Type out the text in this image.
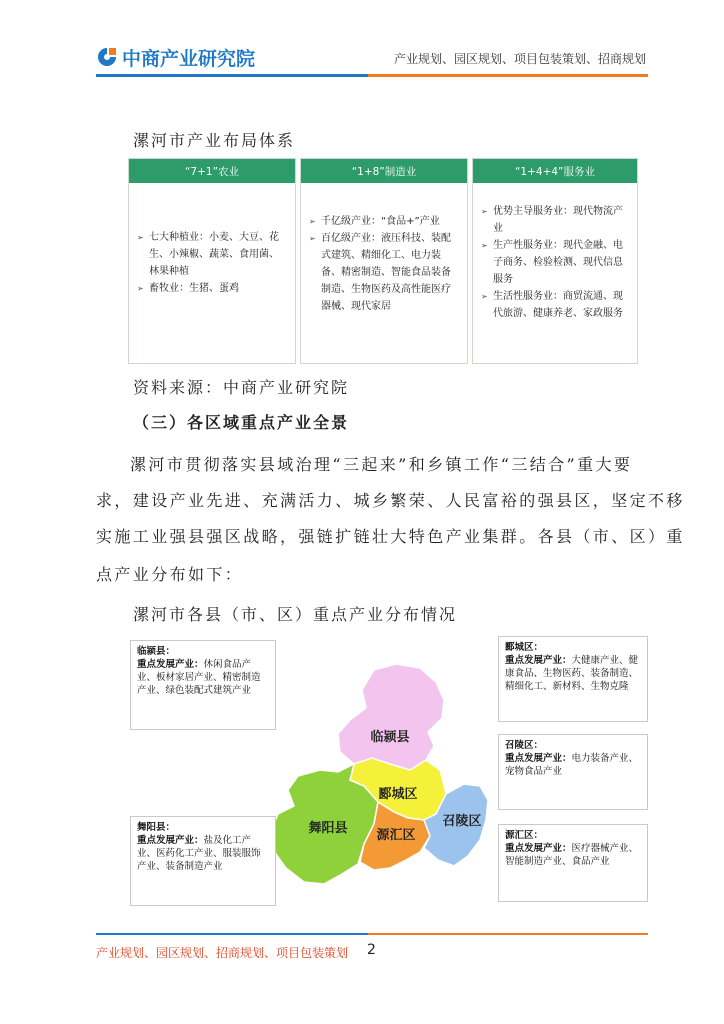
中商产业研究院	产业规划、园区规划、项目包装策划、招商规划
漯河市产业布局体系
“7+1”农业
➢ 七大种植业：小麦、大豆、花生、小辣椒、蔬菜、食用菌、林果种植
➢ 畜牧业：生猪、蛋鸡
“1+8”制造业
➢ 千亿级产业：“食品+”产业
➢ 百亿级产业：液压科技、装配式建筑、精细化工、电力装备、精密制造、智能食品装备制造、生物医药及高性能医疗器械、现代家居
“1+4+4”服务业
➢ 优势主导服务业：现代物流产业
➢ 生产性服务业：现代金融、电子商务、检验检测、现代信息服务
➢ 生活性服务业：商贸流通、现代旅游、健康养老、家政服务
资料来源：中商产业研究院
（三）各区域重点产业全景
漯河市贯彻落实县域治理“三起来”和乡镇工作“三结合”重大要
求，建设产业先进、充满活力、城乡繁荣、人民富裕的强县区，坚定不移
实施工业强县强区战略，强链扩链壮大特色产业集群。各县（市、区）重
点产业分布如下：
漯河市各县（市、区）重点产业分布情况
临颍县
郾城区
舞阳县 源汇区
召陵区
临颍县：
重点发展产业：休闲食品产业、板材家居产业、精密制造产业、绿色装配式建筑产业
舞阳县：
重点发展产业：盐及化工产业、医药化工产业、服装服饰产业、装备制造产业
郾城区：
重点发展产业：大健康产业、健康食品、生物医药、装备制造、精细化工、新材料、生物克隆
召陵区：
重点发展产业：电力装备产业、宠物食品产业
源汇区：
重点发展产业：医疗器械产业、智能制造产业、食品产业
产业规划、园区规划、招商规划、项目包装策划 2
